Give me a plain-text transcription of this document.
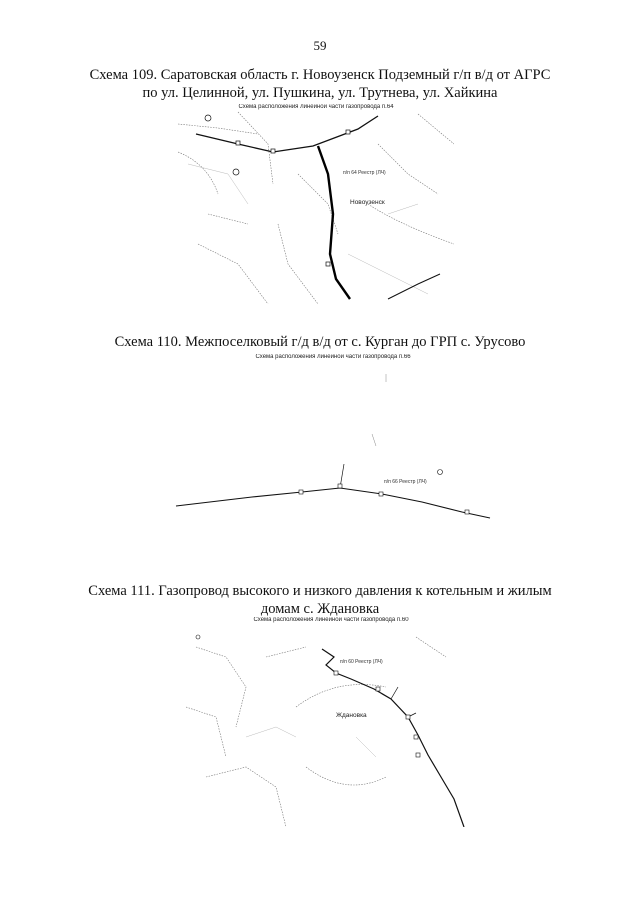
59
Схема 109. Саратовская область г. Новоузенск Подземный г/п в/д от АГРС
по ул. Целинной, ул. Пушкина, ул. Трутнева, ул. Хайкина
Схема расположения линейной части газопровода п.64
п/п 64 Реестр (ЛЧ)
Новоузенск
Схема 110. Межпоселковый г/д в/д от с. Курган до ГРП с. Урусово
Схема расположения линейной части газопровода п.66
п/п 66 Реестр (ЛЧ)
Схема 111. Газопровод высокого и низкого давления к котельным и жилым
домам с. Ждановка
Схема расположения линейной части газопровода п.60
п/п 60 Реестр (ЛЧ)
Ждановка
